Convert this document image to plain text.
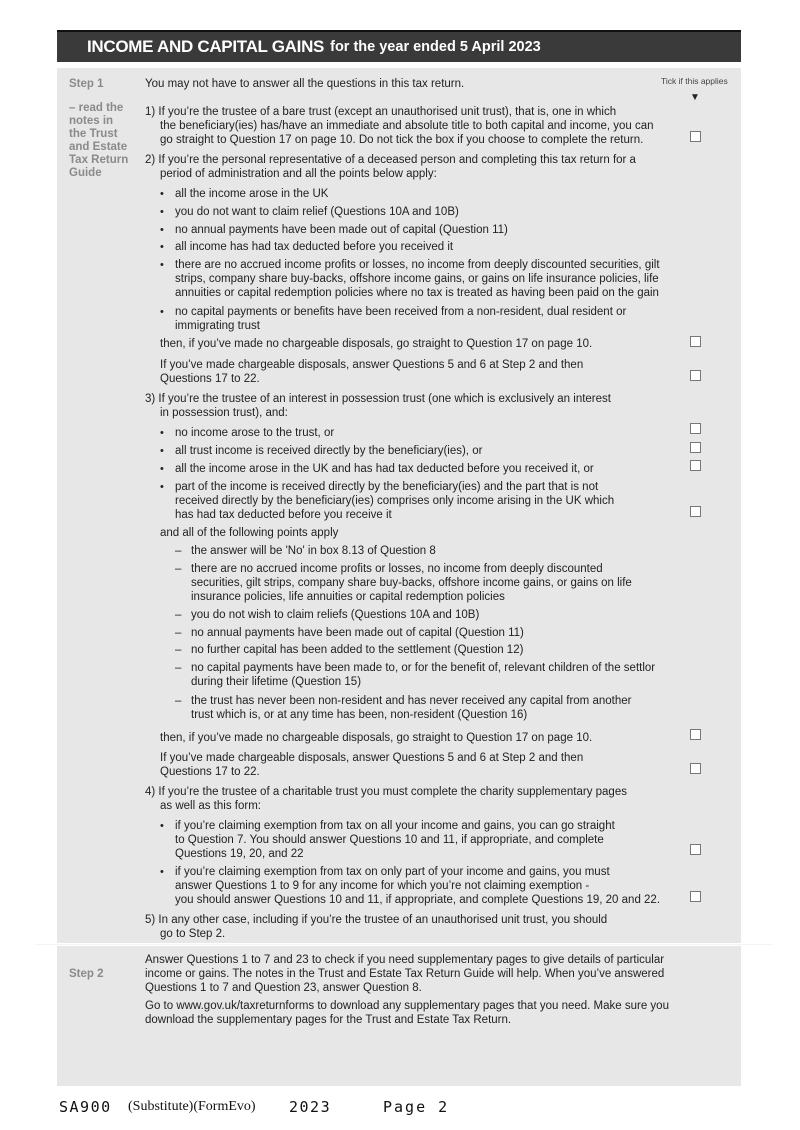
INCOME AND CAPITAL GAINS for the year ended 5 April 2023
Step 1
– read the
notes in
the Trust
and Estate
Tax Return
Guide
Tick if this applies
▼
You may not have to answer all the questions in this tax return.
1) If you’re the trustee of a bare trust (except an unauthorised unit trust), that is, one in which
the beneficiary(ies) has/have an immediate and absolute title to both capital and income, you can
go straight to Question 17 on page 10. Do not tick the box if you choose to complete the return.
2) If you’re the personal representative of a deceased person and completing this tax return for a
period of administration and all the points below apply:
• all the income arose in the UK
• you do not want to claim relief (Questions 10A and 10B)
• no annual payments have been made out of capital (Question 11)
• all income has had tax deducted before you received it
• there are no accrued income profits or losses, no income from deeply discounted securities, gilt
strips, company share buy-backs, offshore income gains, or gains on life insurance policies, life
annuities or capital redemption policies where no tax is treated as having been paid on the gain
• no capital payments or benefits have been received from a non-resident, dual resident or
immigrating trust
then, if you’ve made no chargeable disposals, go straight to Question 17 on page 10.
If you’ve made chargeable disposals, answer Questions 5 and 6 at Step 2 and then
Questions 17 to 22.
3) If you’re the trustee of an interest in possession trust (one which is exclusively an interest
in possession trust), and:
• no income arose to the trust, or
• all trust income is received directly by the beneficiary(ies), or
• all the income arose in the UK and has had tax deducted before you received it, or
• part of the income is received directly by the beneficiary(ies) and the part that is not
received directly by the beneficiary(ies) comprises only income arising in the UK which
has had tax deducted before you receive it
and all of the following points apply
– the answer will be 'No' in box 8.13 of Question 8
– there are no accrued income profits or losses, no income from deeply discounted
securities, gilt strips, company share buy-backs, offshore income gains, or gains on life
insurance policies, life annuities or capital redemption policies
– you do not wish to claim reliefs (Questions 10A and 10B)
– no annual payments have been made out of capital (Question 11)
– no further capital has been added to the settlement (Question 12)
– no capital payments have been made to, or for the benefit of, relevant children of the settlor
during their lifetime (Question 15)
– the trust has never been non-resident and has never received any capital from another
trust which is, or at any time has been, non-resident (Question 16)
then, if you’ve made no chargeable disposals, go straight to Question 17 on page 10.
If you’ve made chargeable disposals, answer Questions 5 and 6 at Step 2 and then
Questions 17 to 22.
4) If you’re the trustee of a charitable trust you must complete the charity supplementary pages
as well as this form:
• if you’re claiming exemption from tax on all your income and gains, you can go straight
to Question 7. You should answer Questions 10 and 11, if appropriate, and complete
Questions 19, 20, and 22
• if you’re claiming exemption from tax on only part of your income and gains, you must
answer Questions 1 to 9 for any income for which you’re not claiming exemption -
you should answer Questions 10 and 11, if appropriate, and complete Questions 19, 20 and 22.
5) In any other case, including if you’re the trustee of an unauthorised unit trust, you should
go to Step 2.
Step 2
Answer Questions 1 to 7 and 23 to check if you need supplementary pages to give details of particular
income or gains. The notes in the Trust and Estate Tax Return Guide will help. When you’ve answered
Questions 1 to 7 and Question 23, answer Question 8.
Go to www.gov.uk/taxreturnforms to download any supplementary pages that you need. Make sure you
download the supplementary pages for the Trust and Estate Tax Return.
SA900 (Substitute)(FormEvo) 2023	Page 2
